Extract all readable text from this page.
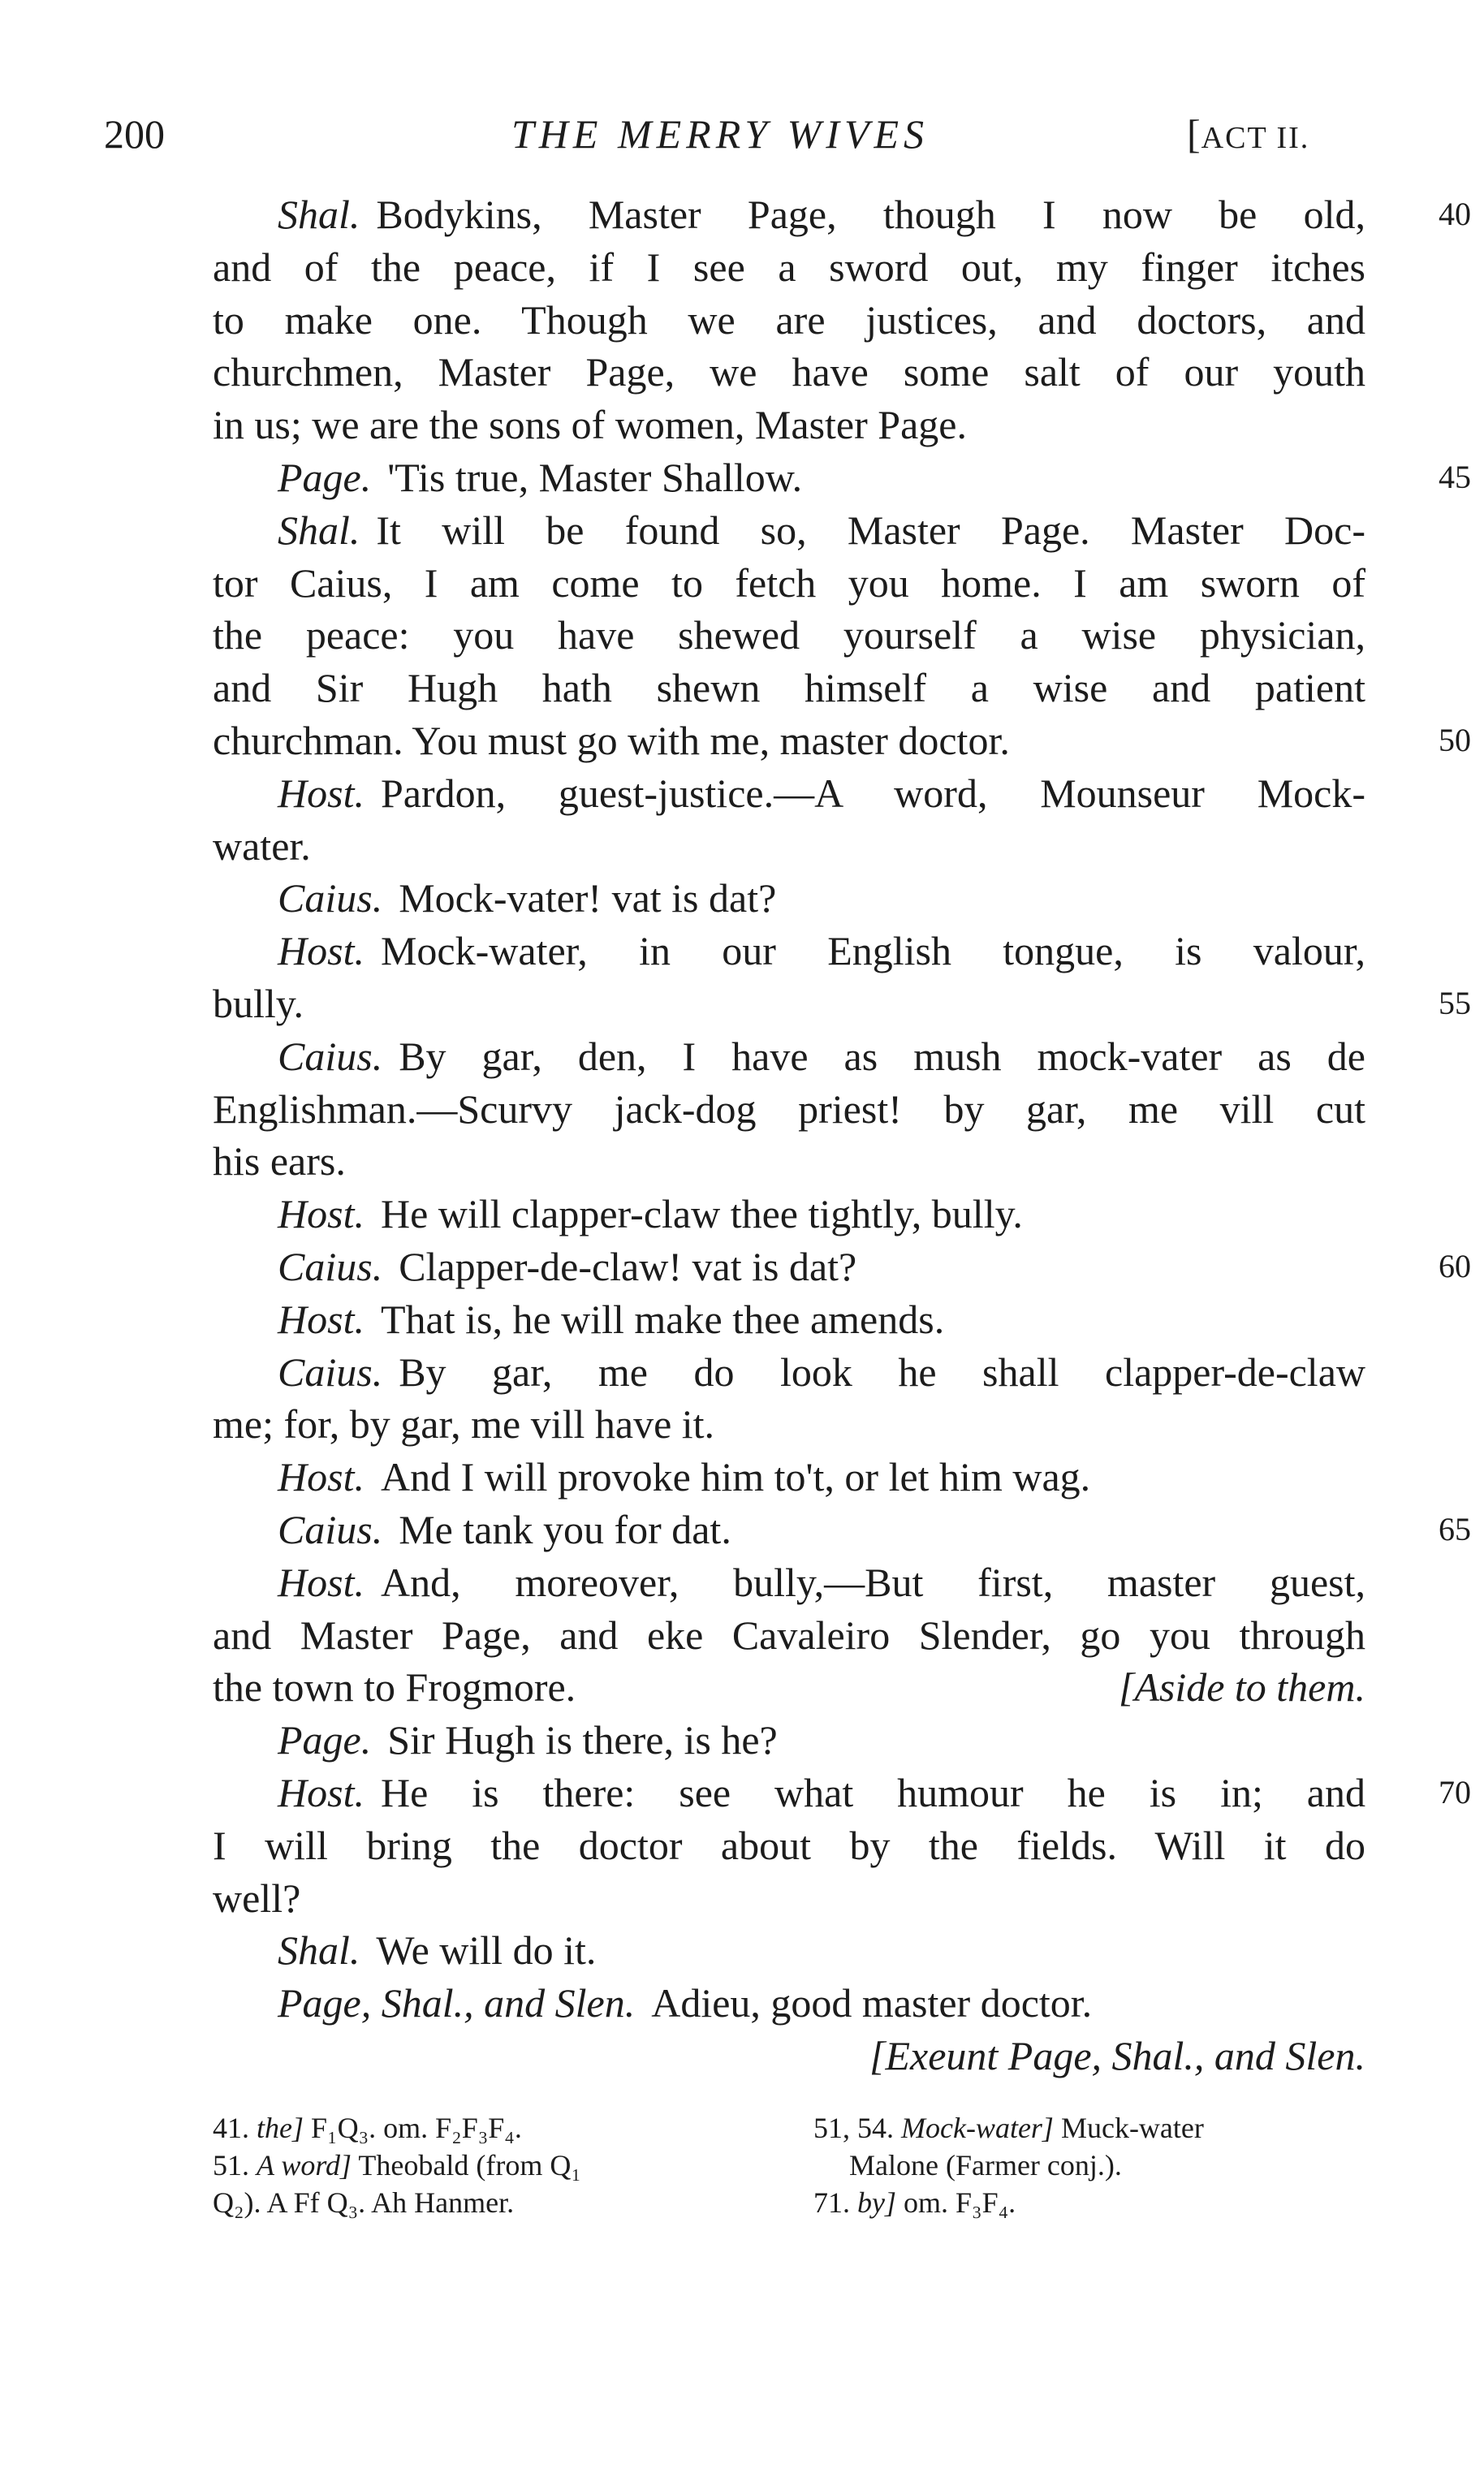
200	THE MERRY WIVES	[ACT II.
Shal. Bodykins, Master Page, though I now be old,	40
and of the peace, if I see a sword out, my finger itches
to make one. Though we are justices, and doctors, and
churchmen, Master Page, we have some salt of our youth
in us; we are the sons of women, Master Page.
Page. 'Tis true, Master Shallow.	45
Shal. It will be found so, Master Page. Master Doc-
tor Caius, I am come to fetch you home. I am sworn of
the peace: you have shewed yourself a wise physician,
and Sir Hugh hath shewn himself a wise and patient
churchman. You must go with me, master doctor.	50
Host. Pardon, guest-justice.—A word, Mounseur Mock-
water.
Caius. Mock-vater! vat is dat?
Host. Mock-water, in our English tongue, is valour,
bully.	55
Caius. By gar, den, I have as mush mock-vater as de
Englishman.—Scurvy jack-dog priest! by gar, me vill cut
his ears.
Host. He will clapper-claw thee tightly, bully.
Caius. Clapper-de-claw! vat is dat?	60
Host. That is, he will make thee amends.
Caius. By gar, me do look he shall clapper-de-claw
me; for, by gar, me vill have it.
Host. And I will provoke him to't, or let him wag.
Caius. Me tank you for dat.	65
Host. And, moreover, bully,—But first, master guest,
and Master Page, and eke Cavaleiro Slender, go you through
the town to Frogmore.	[Aside to them.
Page. Sir Hugh is there, is he?
Host. He is there: see what humour he is in; and	70
I will bring the doctor about by the fields. Will it do
well?
Shal. We will do it.
Page, Shal., and Slen. Adieu, good master doctor.
[Exeunt Page, Shal., and Slen.
41. the] F₁Q₃. om. F₂F₃F₄.
51. A word] Theobald (from Q₁
Q₂). A Ff Q₃. Ah Hanmer.
51, 54. Mock-water] Muck-water
Malone (Farmer conj.).
71. by] om. F₃F₄.
